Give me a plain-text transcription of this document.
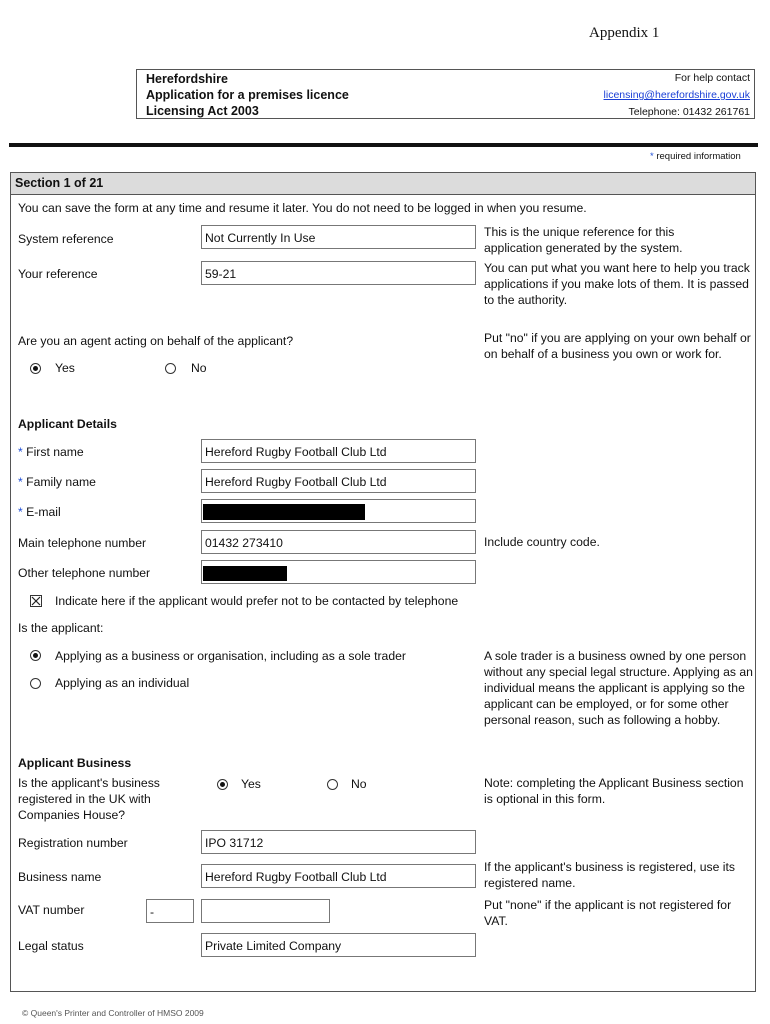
Appendix 1
Herefordshire
Application for a premises licence
Licensing Act 2003
For help contact
licensing@herefordshire.gov.uk
Telephone: 01432 261761
* required information
Section 1 of 21
You can save the form at any time and resume it later. You do not need to be logged in when you resume.
System reference	Not Currently In Use	This is the unique reference for this application generated by the system.
Your reference	59-21	You can put what you want here to help you track applications if you make lots of them. It is passed to the authority.
Are you an agent acting on behalf of the applicant?
Yes	No
Put "no" if you are applying on your own behalf or on behalf of a business you own or work for.
Applicant Details
* First name	Hereford Rugby Football Club Ltd
* Family name	Hereford Rugby Football Club Ltd
* E-mail
Main telephone number	01432 273410	Include country code.
Other telephone number
Indicate here if the applicant would prefer not to be contacted by telephone
Is the applicant:
Applying as a business or organisation, including as a sole trader
Applying as an individual
A sole trader is a business owned by one person without any special legal structure. Applying as an individual means the applicant is applying so the applicant can be employed, or for some other personal reason, such as following a hobby.
Applicant Business
Is the applicant's business registered in the UK with Companies House?
Yes	No	Note: completing the Applicant Business section is optional in this form.
Registration number	IPO 31712
Business name	Hereford Rugby Football Club Ltd
If the applicant's business is registered, use its registered name.
VAT number	-	Put "none" if the applicant is not registered for VAT.
Legal status	Private Limited Company
© Queen's Printer and Controller of HMSO 2009
